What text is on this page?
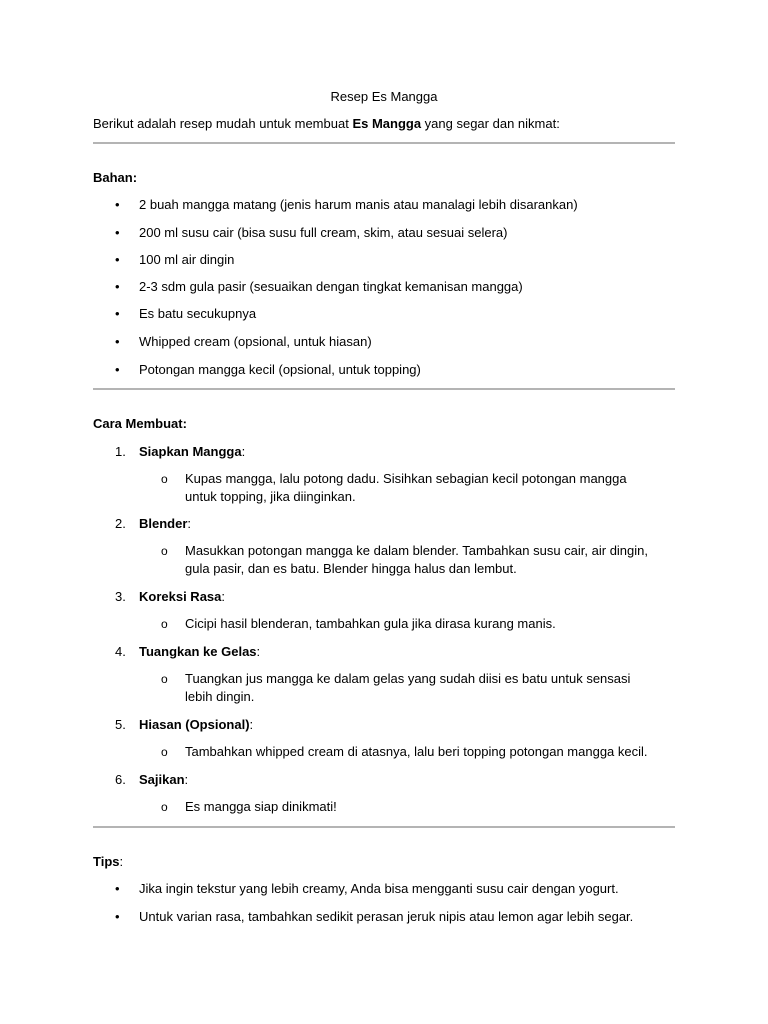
Resep Es Mangga
Berikut adalah resep mudah untuk membuat Es Mangga yang segar dan nikmat:
Bahan:
• 2 buah mangga matang (jenis harum manis atau manalagi lebih disarankan)
• 200 ml susu cair (bisa susu full cream, skim, atau sesuai selera)
• 100 ml air dingin
• 2-3 sdm gula pasir (sesuaikan dengan tingkat kemanisan mangga)
• Es batu secukupnya
• Whipped cream (opsional, untuk hiasan)
• Potongan mangga kecil (opsional, untuk topping)
Cara Membuat:
1. Siapkan Mangga:
o Kupas mangga, lalu potong dadu. Sisihkan sebagian kecil potongan mangga untuk topping, jika diinginkan.
2. Blender:
o Masukkan potongan mangga ke dalam blender. Tambahkan susu cair, air dingin, gula pasir, dan es batu. Blender hingga halus dan lembut.
3. Koreksi Rasa:
o Cicipi hasil blenderan, tambahkan gula jika dirasa kurang manis.
4. Tuangkan ke Gelas:
o Tuangkan jus mangga ke dalam gelas yang sudah diisi es batu untuk sensasi lebih dingin.
5. Hiasan (Opsional):
o Tambahkan whipped cream di atasnya, lalu beri topping potongan mangga kecil.
6. Sajikan:
o Es mangga siap dinikmati!
Tips:
• Jika ingin tekstur yang lebih creamy, Anda bisa mengganti susu cair dengan yogurt.
• Untuk varian rasa, tambahkan sedikit perasan jeruk nipis atau lemon agar lebih segar.
